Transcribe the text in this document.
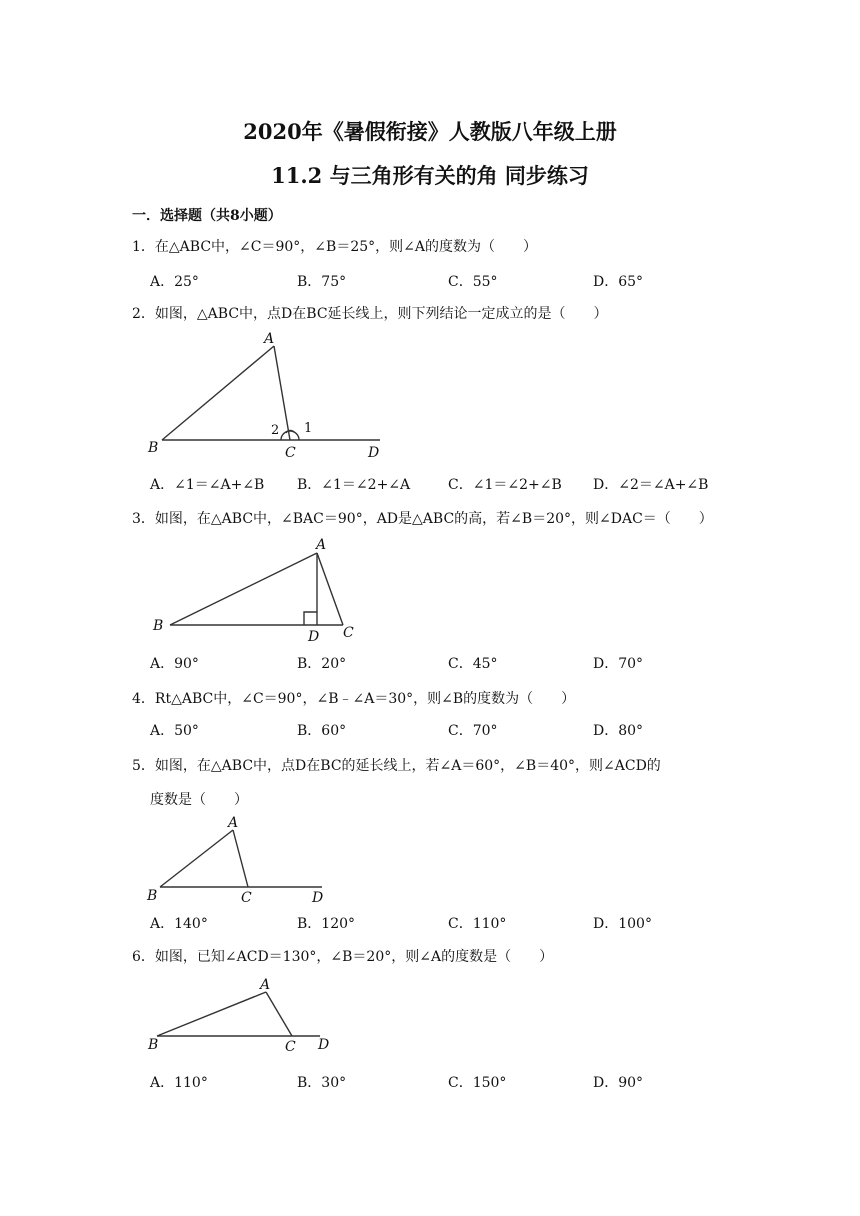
2020年《暑假衔接》人教版八年级上册
11.2 与三角形有关的角 同步练习
一．选择题（共8小题）
1．在△ABC中，∠C＝90°，∠B＝25°，则∠A的度数为（　　）
A．25°	B．75°	C．55°	D．65°
2．如图，△ABC中，点D在BC延长线上，则下列结论一定成立的是（　　）
A
B	C	D
1
2
A．∠1＝∠A+∠B B．∠1＝∠2+∠A	C．∠1＝∠2+∠B D．∠2＝∠A+∠B
3．如图，在△ABC中，∠BAC＝90°，AD是△ABC的高，若∠B＝20°，则∠DAC＝（　　）
A
B	C
D
A．90°	B．20°	C．45°	D．70°
4．Rt△ABC中，∠C＝90°，∠B﹣∠A＝30°，则∠B的度数为（　　）
A．50°	B．60°	C．70°	D．80°
5．如图，在△ABC中，点D在BC的延长线上，若∠A＝60°，∠B＝40°，则∠ACD的
度数是（　　）
A
B	C	D
A．140°	B．120°	C．110°	D．100°
6．如图，已知∠ACD＝130°，∠B＝20°，则∠A的度数是（　　）
A
B	C D
A．110°	B．30°	C．150°	D．90°
